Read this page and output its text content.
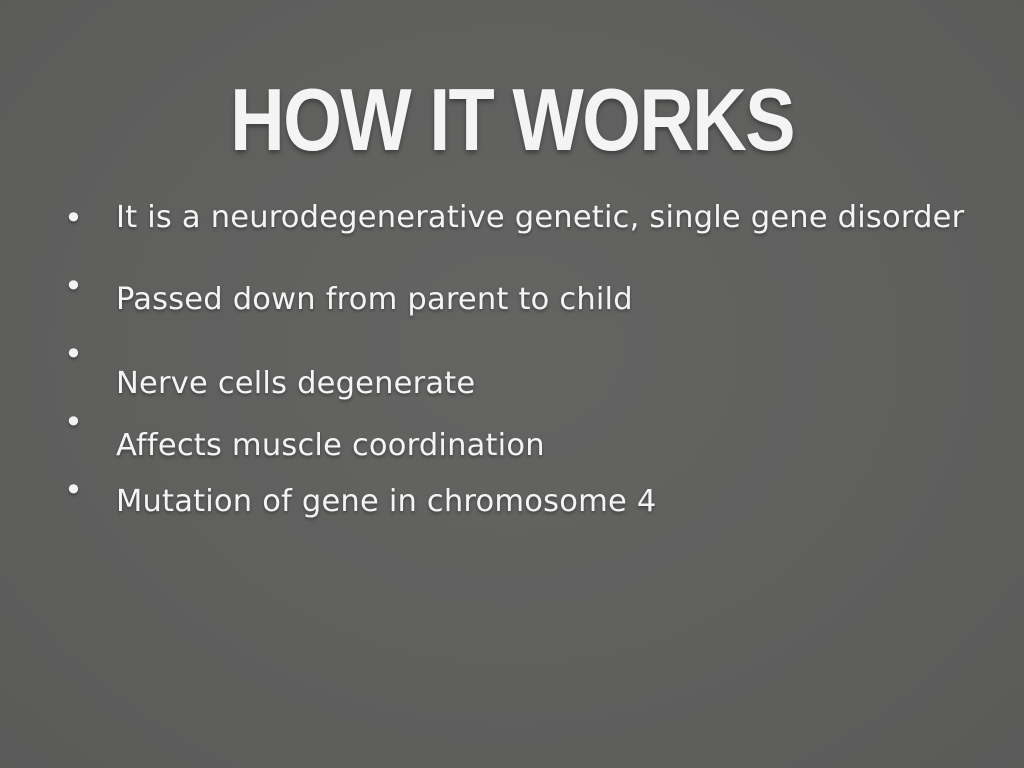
HOW IT WORKS
• It is a neurodegenerative genetic, single gene disorder
• Passed down from parent to child
•
Nerve cells degenerate
•
Affects muscle coordination
• Mutation of gene in chromosome 4
